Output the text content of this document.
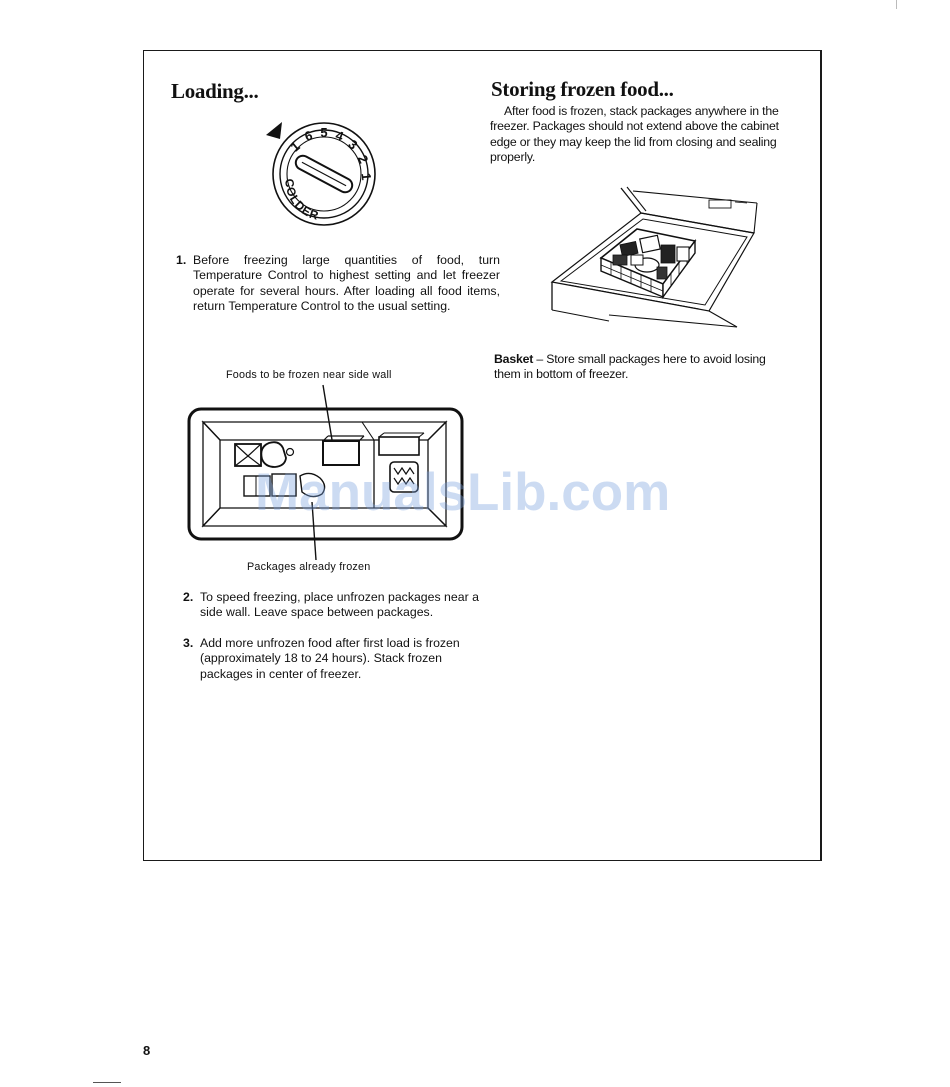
Loading...
1
6 5 4
3
2
1
COLDER
1. Before freezing large quantities of food, turn Temperature Control to highest setting and let freezer operate for several hours. After loading all food items, return Temperature Control to the usual setting.
Foods to be frozen near side wall
Packages already frozen
2. To speed freezing, place unfrozen packages near a side wall. Leave space between packages.
3. Add more unfrozen food after first load is frozen (approximately 18 to 24 hours). Stack frozen packages in center of freezer.
Storing frozen food...

After food is frozen, stack packages anywhere in the freezer. Packages should not extend above the cabinet edge or they may keep the lid from closing and sealing properly.

Basket – Store small packages here to avoid losing them in bottom of freezer.

ManualsLib.com
8
